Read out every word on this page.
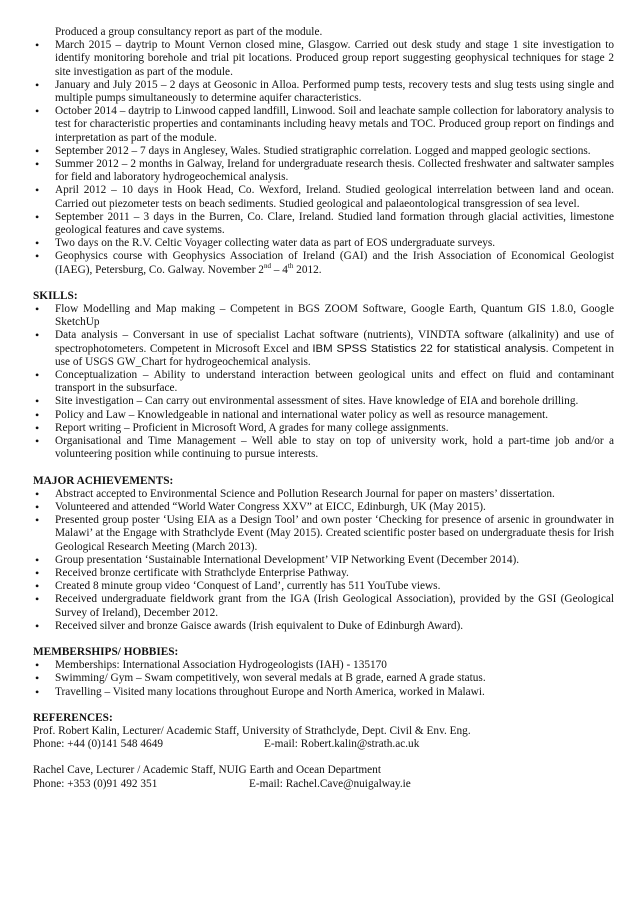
Produced a group consultancy report as part of the module.
• March 2015 – daytrip to Mount Vernon closed mine, Glasgow. Carried out desk study and stage 1 site investigation to identify monitoring borehole and trial pit locations. Produced group report suggesting geophysical techniques for stage 2 site investigation as part of the module.
• January and July 2015 – 2 days at Geosonic in Alloa. Performed pump tests, recovery tests and slug tests using single and multiple pumps simultaneously to determine aquifer characteristics.
• October 2014 – daytrip to Linwood capped landfill, Linwood. Soil and leachate sample collection for laboratory analysis to test for characteristic properties and contaminants including heavy metals and TOC. Produced group report on findings and interpretation as part of the module.
• September 2012 – 7 days in Anglesey, Wales. Studied stratigraphic correlation. Logged and mapped geologic sections.
• Summer 2012 – 2 months in Galway, Ireland for undergraduate research thesis. Collected freshwater and saltwater samples for field and laboratory hydrogeochemical analysis.
• April 2012 – 10 days in Hook Head, Co. Wexford, Ireland. Studied geological interrelation between land and ocean. Carried out piezometer tests on beach sediments. Studied geological and palaeontological transgression of sea level.
• September 2011 – 3 days in the Burren, Co. Clare, Ireland. Studied land formation through glacial activities, limestone geological features and cave systems.
• Two days on the R.V. Celtic Voyager collecting water data as part of EOS undergraduate surveys.
• Geophysics course with Geophysics Association of Ireland (GAI) and the Irish Association of Economical Geologist (IAEG), Petersburg, Co. Galway. November 2nd – 4th 2012.
SKILLS:
• Flow Modelling and Map making – Competent in BGS ZOOM Software, Google Earth, Quantum GIS 1.8.0, Google SketchUp
• Data analysis – Conversant in use of specialist Lachat software (nutrients), VINDTA software (alkalinity) and use of spectrophotometers. Competent in Microsoft Excel and IBM SPSS Statistics 22 for statistical analysis. Competent in use of USGS GW_Chart for hydrogeochemical analysis.
• Conceptualization – Ability to understand interaction between geological units and effect on fluid and contaminant transport in the subsurface.
• Site investigation – Can carry out environmental assessment of sites. Have knowledge of EIA and borehole drilling.
• Policy and Law – Knowledgeable in national and international water policy as well as resource management.
• Report writing – Proficient in Microsoft Word, A grades for many college assignments.
• Organisational and Time Management – Well able to stay on top of university work, hold a part-time job and/or a volunteering position while continuing to pursue interests.
MAJOR ACHIEVEMENTS:
• Abstract accepted to Environmental Science and Pollution Research Journal for paper on masters’ dissertation.
• Volunteered and attended “World Water Congress XXV” at EICC, Edinburgh, UK (May 2015).
• Presented group poster ‘Using EIA as a Design Tool’ and own poster ‘Checking for presence of arsenic in groundwater in Malawi’ at the Engage with Strathclyde Event (May 2015). Created scientific poster based on undergraduate thesis for Irish Geological Research Meeting (March 2013).
• Group presentation ‘Sustainable International Development’ VIP Networking Event (December 2014).
• Received bronze certificate with Strathclyde Enterprise Pathway.
• Created 8 minute group video ‘Conquest of Land’, currently has 511 YouTube views.
• Received undergraduate fieldwork grant from the IGA (Irish Geological Association), provided by the GSI (Geological Survey of Ireland), December 2012.
• Received silver and bronze Gaisce awards (Irish equivalent to Duke of Edinburgh Award).
MEMBERSHIPS/ HOBBIES:
• Memberships: International Association Hydrogeologists (IAH) - 135170
• Swimming/ Gym – Swam competitively, won several medals at B grade, earned A grade status.
• Travelling – Visited many locations throughout Europe and North America, worked in Malawi.
REFERENCES:
Prof. Robert Kalin, Lecturer/ Academic Staff, University of Strathclyde, Dept. Civil & Env. Eng.
Phone: +44 (0)141 548 4649	E-mail: Robert.kalin@strath.ac.uk
Rachel Cave, Lecturer / Academic Staff, NUIG Earth and Ocean Department
Phone: +353 (0)91 492 351	E-mail: Rachel.Cave@nuigalway.ie
